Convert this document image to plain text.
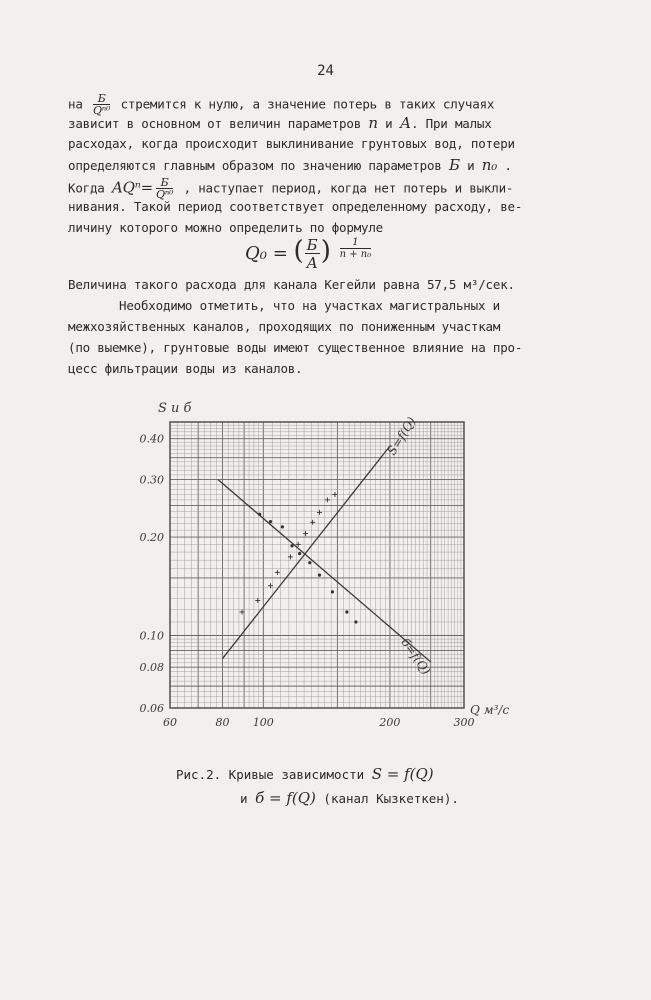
24
на $\frac{Б}{\text{Qⁿ⁰}}$ стремится к нулю, а значение потерь в таких случаях
зависит в основном от величин параметров n и А. При малых
расходах, когда происходит выклинивание грунтовых вод, потери
определяются главным образом по значению параметров Б и n₀ .
Когда $AQ^n= \frac{Б}{\text{Qⁿ⁰}}$ , наступает период, когда нет потерь и выкли-
нивания. Такой период соответствует определенному расходу, ве-
личину которого можно определить по формуле
Q₀ = ( $\frac{Б}{А}$ ) $\frac{1}{\text{n + n₀}}$
Величина такого расхода для канала Кегейли равна 57,5 м³/сек.
Необходимо отметить, что на участках магистральных и
межхозяйственных каналов, проходящих по пониженным участкам
(по выемке), грунтовые воды имеют существенное влияние на про-
цесс фильтрации воды из каналов.
S=f(Q)
б=f(Q)
0.40
0.30
0.20
0.10
0.08
0.06
60	80 100	200	300
S и б
Q м³/с
Рис.2. Кривые зависимости S = f(Q)
и б = f(Q) (канал Кызкеткен).
